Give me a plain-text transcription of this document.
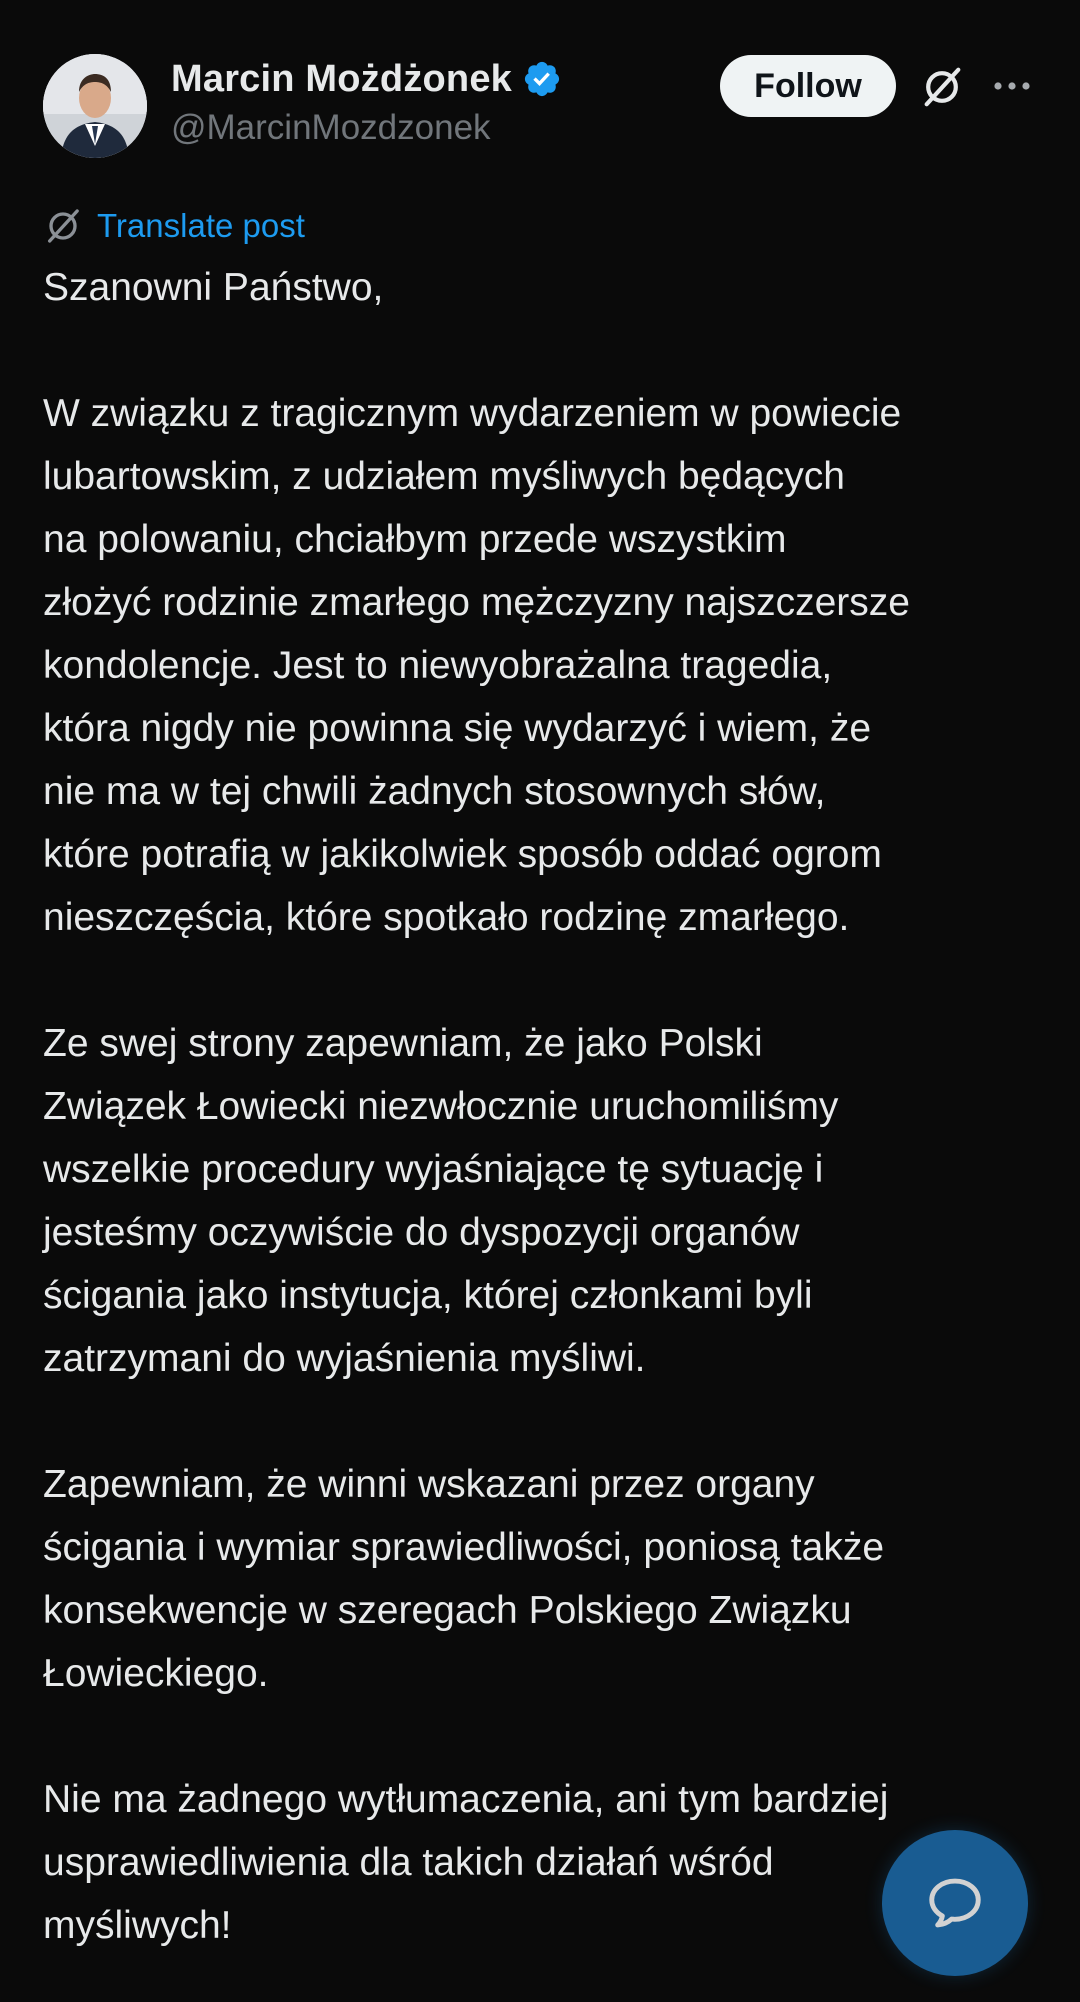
Marcin Możdżonek
@MarcinMozdzonek
Follow
Translate post
Szanowni Państwo,
W związku z tragicznym wydarzeniem w powiecie
lubartowskim, z udziałem myśliwych będących
na polowaniu, chciałbym przede wszystkim
złożyć rodzinie zmarłego mężczyzny najszczersze
kondolencje. Jest to niewyobrażalna tragedia,
która nigdy nie powinna się wydarzyć i wiem, że
nie ma w tej chwili żadnych stosownych słów,
które potrafią w jakikolwiek sposób oddać ogrom
nieszczęścia, które spotkało rodzinę zmarłego.
Ze swej strony zapewniam, że jako Polski
Związek Łowiecki niezwłocznie uruchomiliśmy
wszelkie procedury wyjaśniające tę sytuację i
jesteśmy oczywiście do dyspozycji organów
ścigania jako instytucja, której członkami byli
zatrzymani do wyjaśnienia myśliwi.
Zapewniam, że winni wskazani przez organy
ścigania i wymiar sprawiedliwości, poniosą także
konsekwencje w szeregach Polskiego Związku
Łowieckiego.
Nie ma żadnego wytłumaczenia, ani tym bardziej
usprawiedliwienia dla takich działań wśród
myśliwych!
